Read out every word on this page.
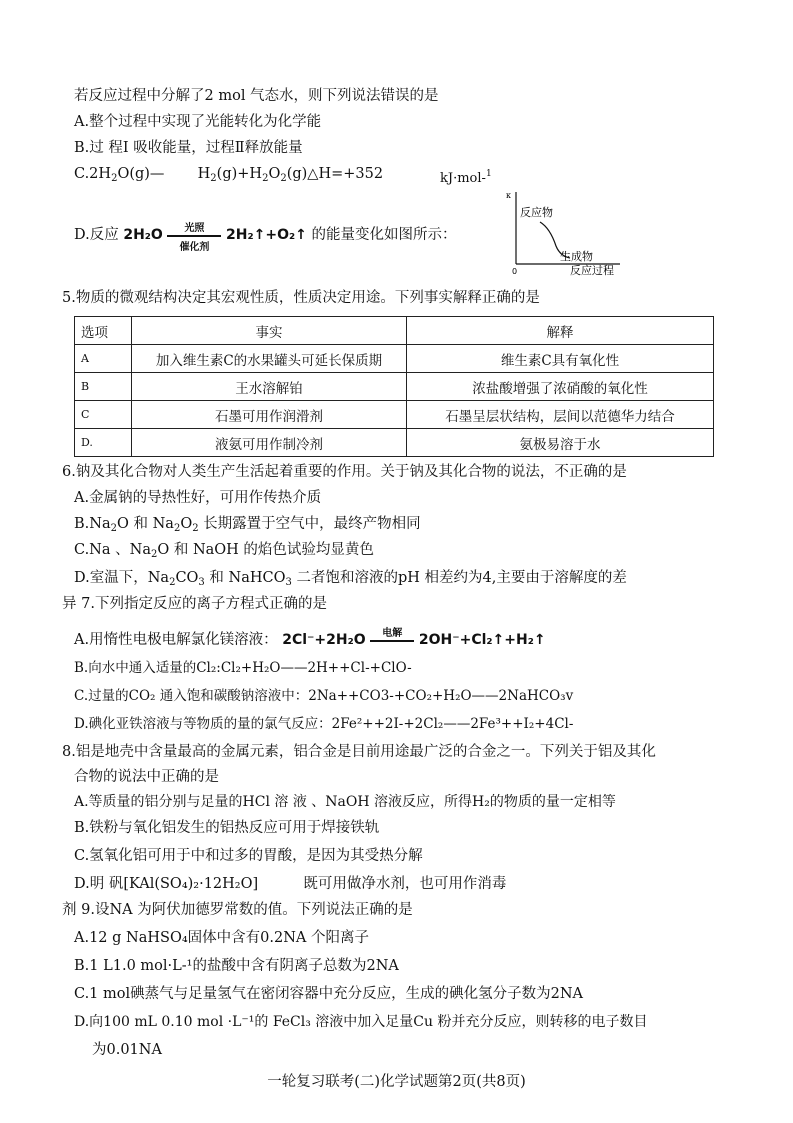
若反应过程中分解了2 mol 气态水，则下列说法错误的是
A.整个过程中实现了光能转化为化学能
B.过 程I 吸收能量，过程Ⅱ释放能量
$C.2H_2O(g)—$ $H_2(g)+H_2O_2(g)\triangle H=+352$	kJ·mol-$^1$
D.反应 2H₂O	光照
催化剂
2H₂↑+O₂↑ 的能量变化如图所示：
κ
0
反应物
生成物
反应过程
5.物质的微观结构决定其宏观性质，性质决定用途。下列事实解释正确的是
选项	事实	解释
A	加入维生素C的水果罐头可延长保质期	维生素C具有氧化性
B	王水溶解铂	浓盐酸增强了浓硝酸的氧化性
C	石墨可用作润滑剂	石墨呈层状结构，层间以范德华力结合
D.	液氨可用作制冷剂	氨极易溶于水
6.钠及其化合物对人类生产生活起着重要的作用。关于钠及其化合物的说法，不正确的是
A.金属钠的导热性好，可用作传热介质
$B.Na_2O$ 和 $Na_2O_2$ 长期露置于空气中，最终产物相同
C.Na 、$Na_2O$ 和 NaOH 的焰色试验均显黄色
D.室温下，$Na_2CO_3$ 和 NaHCO$_3$ 二者饱和溶液的pH 相差约为4,主要由于溶解度的差
异 7.下列指定反应的离子方程式正确的是
A.用惰性电极电解氯化镁溶液： 2Cl⁻+2H₂O	电解	2OH⁻+Cl₂↑+H₂↑
B.向水中通入适量的Cl₂:Cl₂+H₂O——2H++Cl-+ClO-
C.过量的CO₂ 通入饱和碳酸钠溶液中：2Na++CO3-+CO₂+H₂O——2NaHCO₃v
D.碘化亚铁溶液与等物质的量的氯气反应：2Fe²++2I-+2Cl₂——2Fe³++I₂+4Cl-
8.铝是地壳中含量最高的金属元素，铝合金是目前用途最广泛的合金之一。下列关于铝及其化
合物的说法中正确的是
A.等质量的铝分别与足量的HCl 溶 液 、NaOH 溶液反应，所得H₂的物质的量一定相等
B.铁粉与氧化铝发生的铝热反应可用于焊接铁轨
C.氢氧化铝可用于中和过多的胃酸，是因为其受热分解
D.明 矾[KAl(SO₄)₂·12H₂O]	既可用做净水剂，也可用作消毒
剂 9.设NA 为阿伏加德罗常数的值。下列说法正确的是
A.12 g NaHSO₄固体中含有0.2NA 个阳离子
B.1 L1.0 mol·L-¹的盐酸中含有阴离子总数为2NA
C.1 mol碘蒸气与足量氢气在密闭容器中充分反应，生成的碘化氢分子数为2NA
D.向100 mL 0.10 mol ·L⁻¹的 FeCl₃ 溶液中加入足量Cu 粉并充分反应，则转移的电子数目
为0.01NA
一轮复习联考(二)化学试题第2页(共8页)
